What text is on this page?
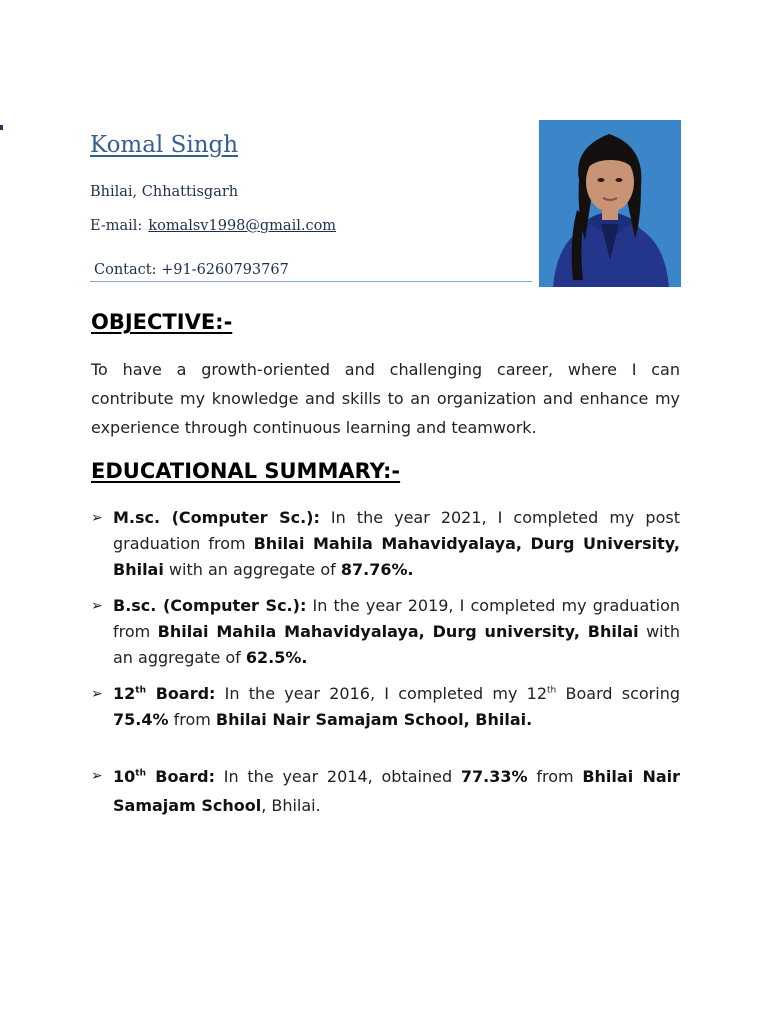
Komal Singh
Bhilai, Chhattisgarh
E-mail: komalsv1998@gmail.com
Contact: +91-6260793767
OBJECTIVE:-

To have a growth-oriented and challenging career, where I can contribute my knowledge and skills to an organization and enhance my experience through continuous learning and teamwork.

EDUCATIONAL SUMMARY:-
➢ M.sc. (Computer Sc.): In the year 2021, I completed my post graduation from Bhilai Mahila Mahavidyalaya, Durg University, Bhilai with an aggregate of 87.76%.
➢ B.sc. (Computer Sc.): In the year 2019, I completed my graduation from Bhilai Mahila Mahavidyalaya, Durg university, Bhilai with an aggregate of 62.5%.
➢ 12th Board: In the year 2016, I completed my 12th Board scoring 75.4% from Bhilai Nair Samajam School, Bhilai.
➢ 10th Board: In the year 2014, obtained 77.33% from Bhilai Nair Samajam School, Bhilai.
